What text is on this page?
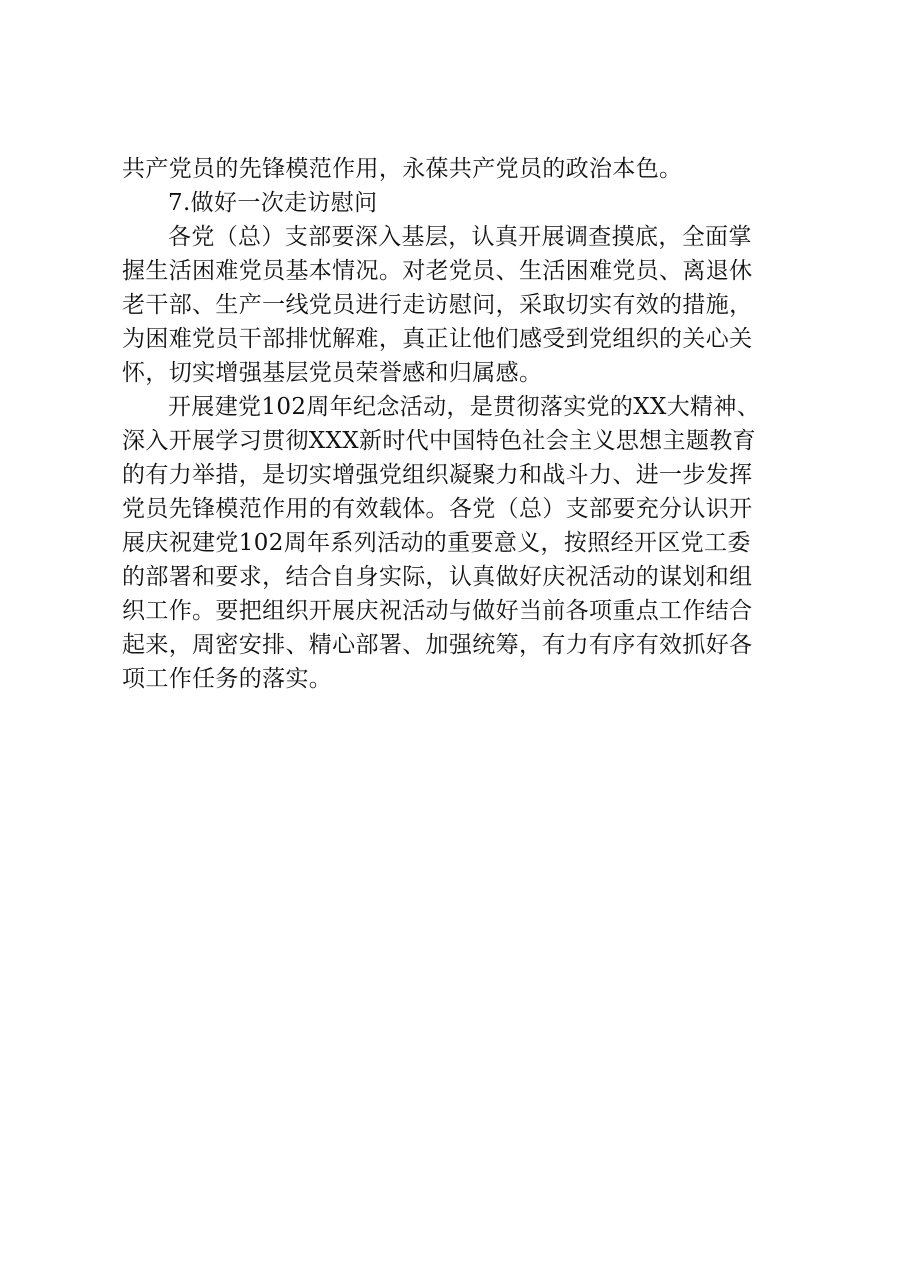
共产党员的先锋模范作用，永葆共产党员的政治本色。
7.做好一次走访慰问
各党（总）支部要深入基层，认真开展调查摸底，全面掌
握生活困难党员基本情况。对老党员、生活困难党员、离退休
老干部、生产一线党员进行走访慰问，采取切实有效的措施，
为困难党员干部排忧解难，真正让他们感受到党组织的关心关
怀，切实增强基层党员荣誉感和归属感。
开展建党102周年纪念活动，是贯彻落实党的XX大精神、
深入开展学习贯彻XXX新时代中国特色社会主义思想主题教育
的有力举措，是切实增强党组织凝聚力和战斗力、进一步发挥
党员先锋模范作用的有效载体。各党（总）支部要充分认识开
展庆祝建党102周年系列活动的重要意义，按照经开区党工委
的部署和要求，结合自身实际，认真做好庆祝活动的谋划和组
织工作。要把组织开展庆祝活动与做好当前各项重点工作结合
起来，周密安排、精心部署、加强统筹，有力有序有效抓好各
项工作任务的落实。
